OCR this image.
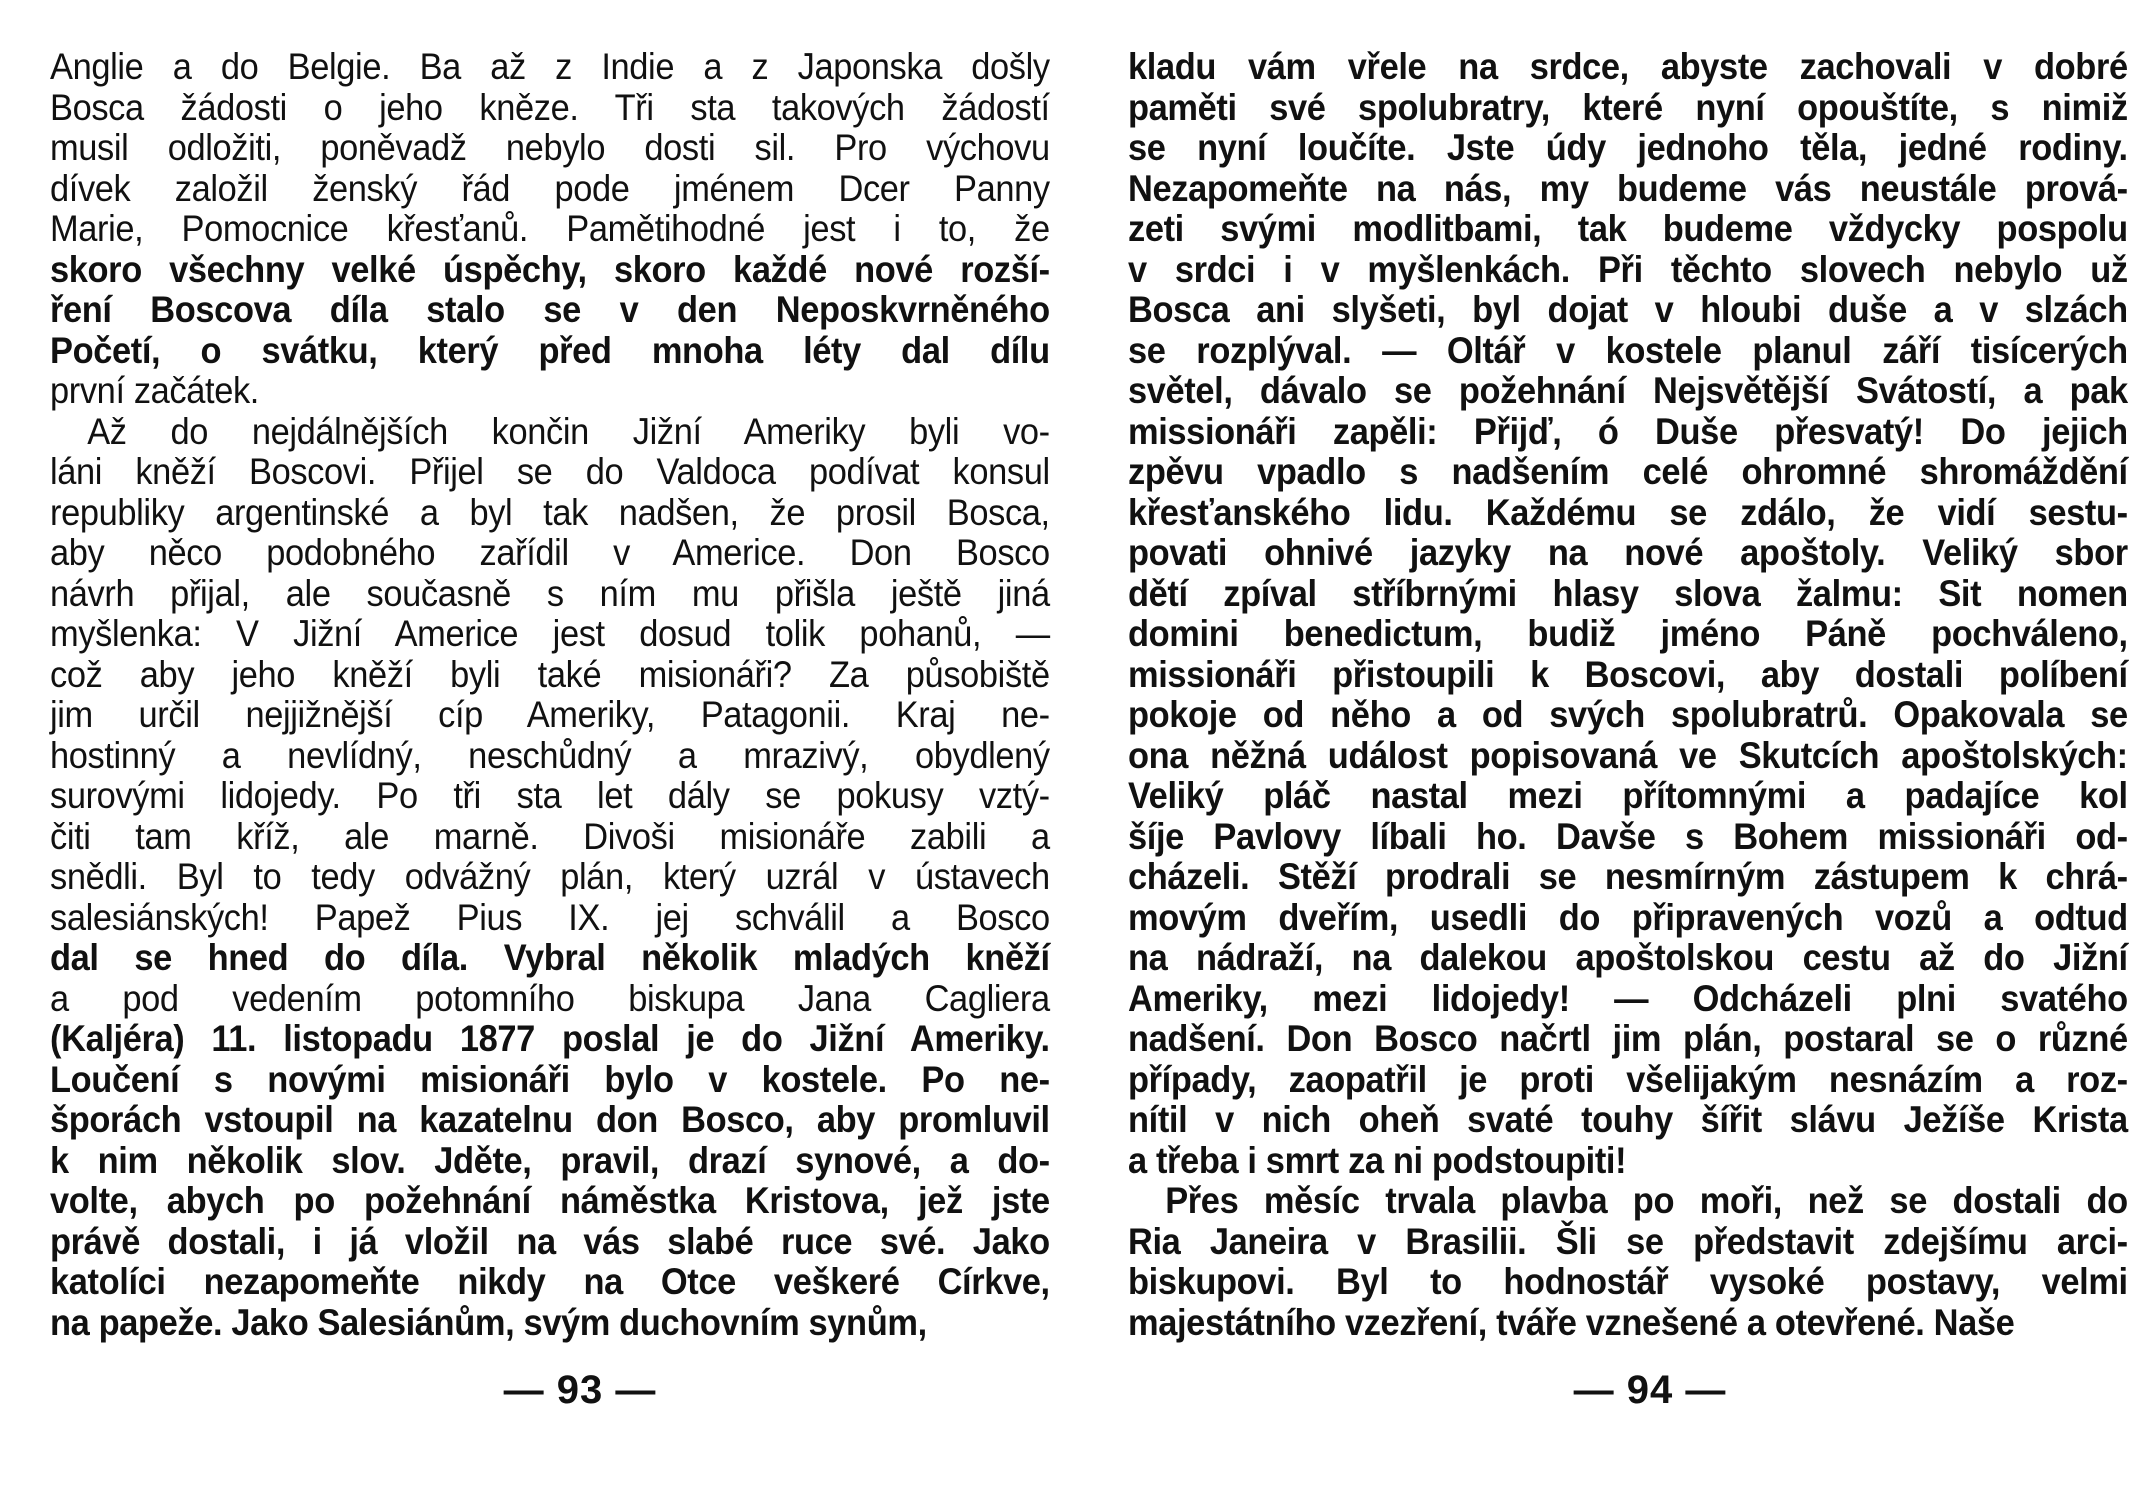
Anglie a do Belgie. Ba až z Indie a z Japonska došly
Bosca žádosti o jeho kněze. Tři sta takových žádostí
musil odložiti, poněvadž nebylo dosti sil. Pro výchovu
dívek založil ženský řád pode jménem Dcer Panny
Marie, Pomocnice křesťanů. Pamětihodné jest i to, že
skoro všechny velké úspěchy, skoro každé nové rozší-
ření Boscova díla stalo se v den Neposkvrněného
Početí, o svátku, který před mnoha léty dal dílu
první začátek.
Až do nejdálnějších končin Jižní Ameriky byli vo-
láni kněží Boscovi. Přijel se do Valdoca podívat konsul
republiky argentinské a byl tak nadšen, že prosil Bosca,
aby něco podobného zařídil v Americe. Don Bosco
návrh přijal, ale současně s ním mu přišla ještě jiná
myšlenka: V Jižní Americe jest dosud tolik pohanů, —
což aby jeho kněží byli také misionáři? Za působiště
jim určil nejjižnější cíp Ameriky, Patagonii. Kraj ne-
hostinný a nevlídný, neschůdný a mrazivý, obydlený
surovými lidojedy. Po tři sta let dály se pokusy vztý-
čiti tam kříž, ale marně. Divoši misionáře zabili a
snědli. Byl to tedy odvážný plán, který uzrál v ústavech
salesiánských! Papež Pius IX. jej schválil a Bosco
dal se hned do díla. Vybral několik mladých kněží
a pod vedením potomního biskupa Jana Cagliera
(Kaljéra) 11. listopadu 1877 poslal je do Jižní Ameriky.
Loučení s novými misionáři bylo v kostele. Po ne-
šporách vstoupil na kazatelnu don Bosco, aby promluvil
k nim několik slov. Jděte, pravil, drazí synové, a do-
volte, abych po požehnání náměstka Kristova, jež jste
právě dostali, i já vložil na vás slabé ruce své. Jako
katolíci nezapomeňte nikdy na Otce veškeré Církve,
na papeže. Jako Salesiánům, svým duchovním synům,
— 93 —
kladu vám vřele na srdce, abyste zachovali v dobré
paměti své spolubratry, které nyní opouštíte, s nimiž
se nyní loučíte. Jste údy jednoho těla, jedné rodiny.
Nezapomeňte na nás, my budeme vás neustále prová-
zeti svými modlitbami, tak budeme vždycky pospolu
v srdci i v myšlenkách. Při těchto slovech nebylo už
Bosca ani slyšeti, byl dojat v hloubi duše a v slzách
se rozplýval. — Oltář v kostele planul září tisícerých
světel, dávalo se požehnání Nejsvětější Svátostí, a pak
missionáři zapěli: Přijď, ó Duše přesvatý! Do jejich
zpěvu vpadlo s nadšením celé ohromné shromáždění
křesťanského lidu. Každému se zdálo, že vidí sestu-
povati ohnivé jazyky na nové apoštoly. Veliký sbor
dětí zpíval stříbrnými hlasy slova žalmu: Sit nomen
domini benedictum, budiž jméno Páně pochváleno,
missionáři přistoupili k Boscovi, aby dostali políbení
pokoje od něho a od svých spolubratrů. Opakovala se
ona něžná událost popisovaná ve Skutcích apoštolských:
Veliký pláč nastal mezi přítomnými a padajíce kol
šíje Pavlovy líbali ho. Davše s Bohem missionáři od-
cházeli. Stěží prodrali se nesmírným zástupem k chrá-
movým dveřím, usedli do připravených vozů a odtud
na nádraží, na dalekou apoštolskou cestu až do Jižní
Ameriky, mezi lidojedy! — Odcházeli plni svatého
nadšení. Don Bosco načrtl jim plán, postaral se o různé
případy, zaopatřil je proti všelijakým nesnázím a roz-
nítil v nich oheň svaté touhy šířit slávu Ježíše Krista
a třeba i smrt za ni podstoupiti!
Přes měsíc trvala plavba po moři, než se dostali do
Ria Janeira v Brasilii. Šli se představit zdejšímu arci-
biskupovi. Byl to hodnostář vysoké postavy, velmi
majestátního vzezření, tváře vznešené a otevřené. Naše
— 94 —
